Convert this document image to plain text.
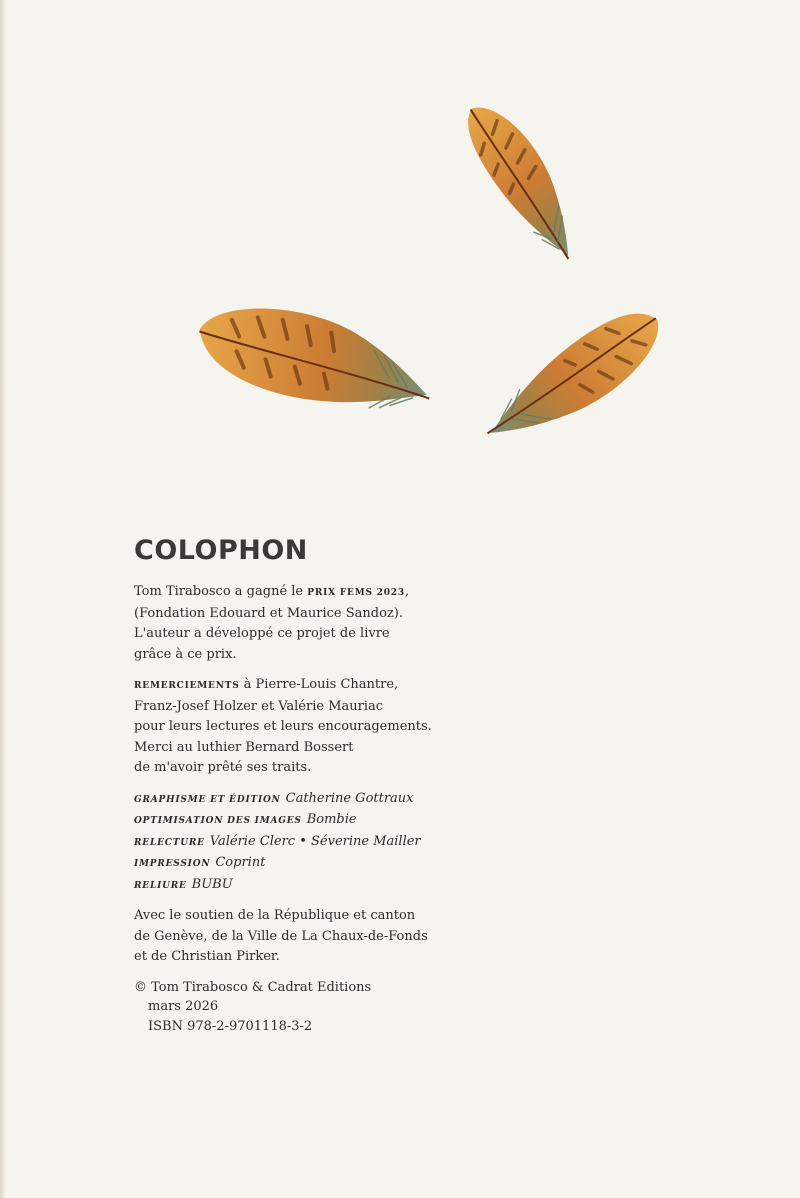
COLOPHON
Tom Tirabosco a gagné le PRIX FEMS 2023,
(Fondation Edouard et Maurice Sandoz).
L'auteur a développé ce projet de livre
grâce à ce prix.
REMERCIEMENTS à Pierre-Louis Chantre,
Franz-Josef Holzer et Valérie Mauriac
pour leurs lectures et leurs encouragements.
Merci au luthier Bernard Bossert
de m'avoir prêté ses traits.
GRAPHISME ET ÉDITION Catherine Gottraux
OPTIMISATION DES IMAGES Bombie
RELECTURE Valérie Clerc • Séverine Mailler
IMPRESSION Coprint
RELIURE BUBU
Avec le soutien de la République et canton
de Genève, de la Ville de La Chaux-de-Fonds
et de Christian Pirker.
© Tom Tirabosco & Cadrat Editions
mars 2026
ISBN 978-2-9701118-3-2
